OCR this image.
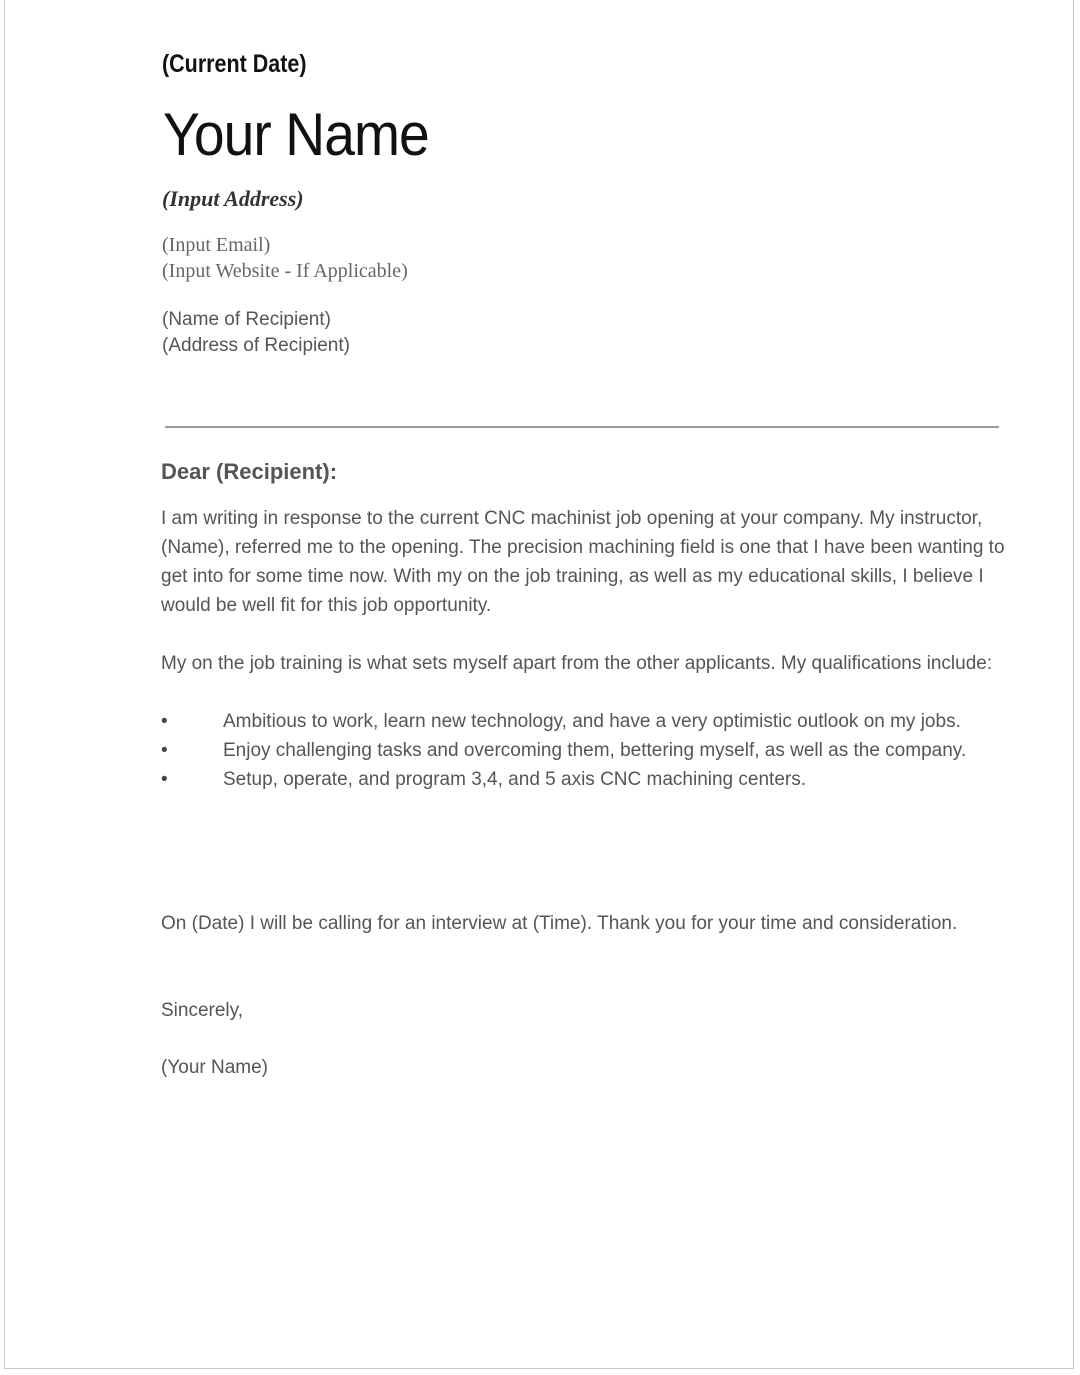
(Current Date)

Your Name

(Input Address)

(Input Email)

(Input Website - If Applicable)

(Name of Recipient)

(Address of Recipient)

Dear (Recipient):

I am writing in response to the current CNC machinist job opening at your company. My instructor, (Name), referred me to the opening. The precision machining field is one that I have been wanting to get into for some time now. With my on the job training, as well as my educational skills, I believe I would be well fit for this job opportunity.

My on the job training is what sets myself apart from the other applicants. My qualifications include:

•	Ambitious to work, learn new technology, and have a very optimistic outlook on my jobs.
•	Enjoy challenging tasks and overcoming them, bettering myself, as well as the company.
•	Setup, operate, and program 3,4, and 5 axis CNC machining centers.

On (Date) I will be calling for an interview at (Time). Thank you for your time and consideration.

Sincerely,

(Your Name)
